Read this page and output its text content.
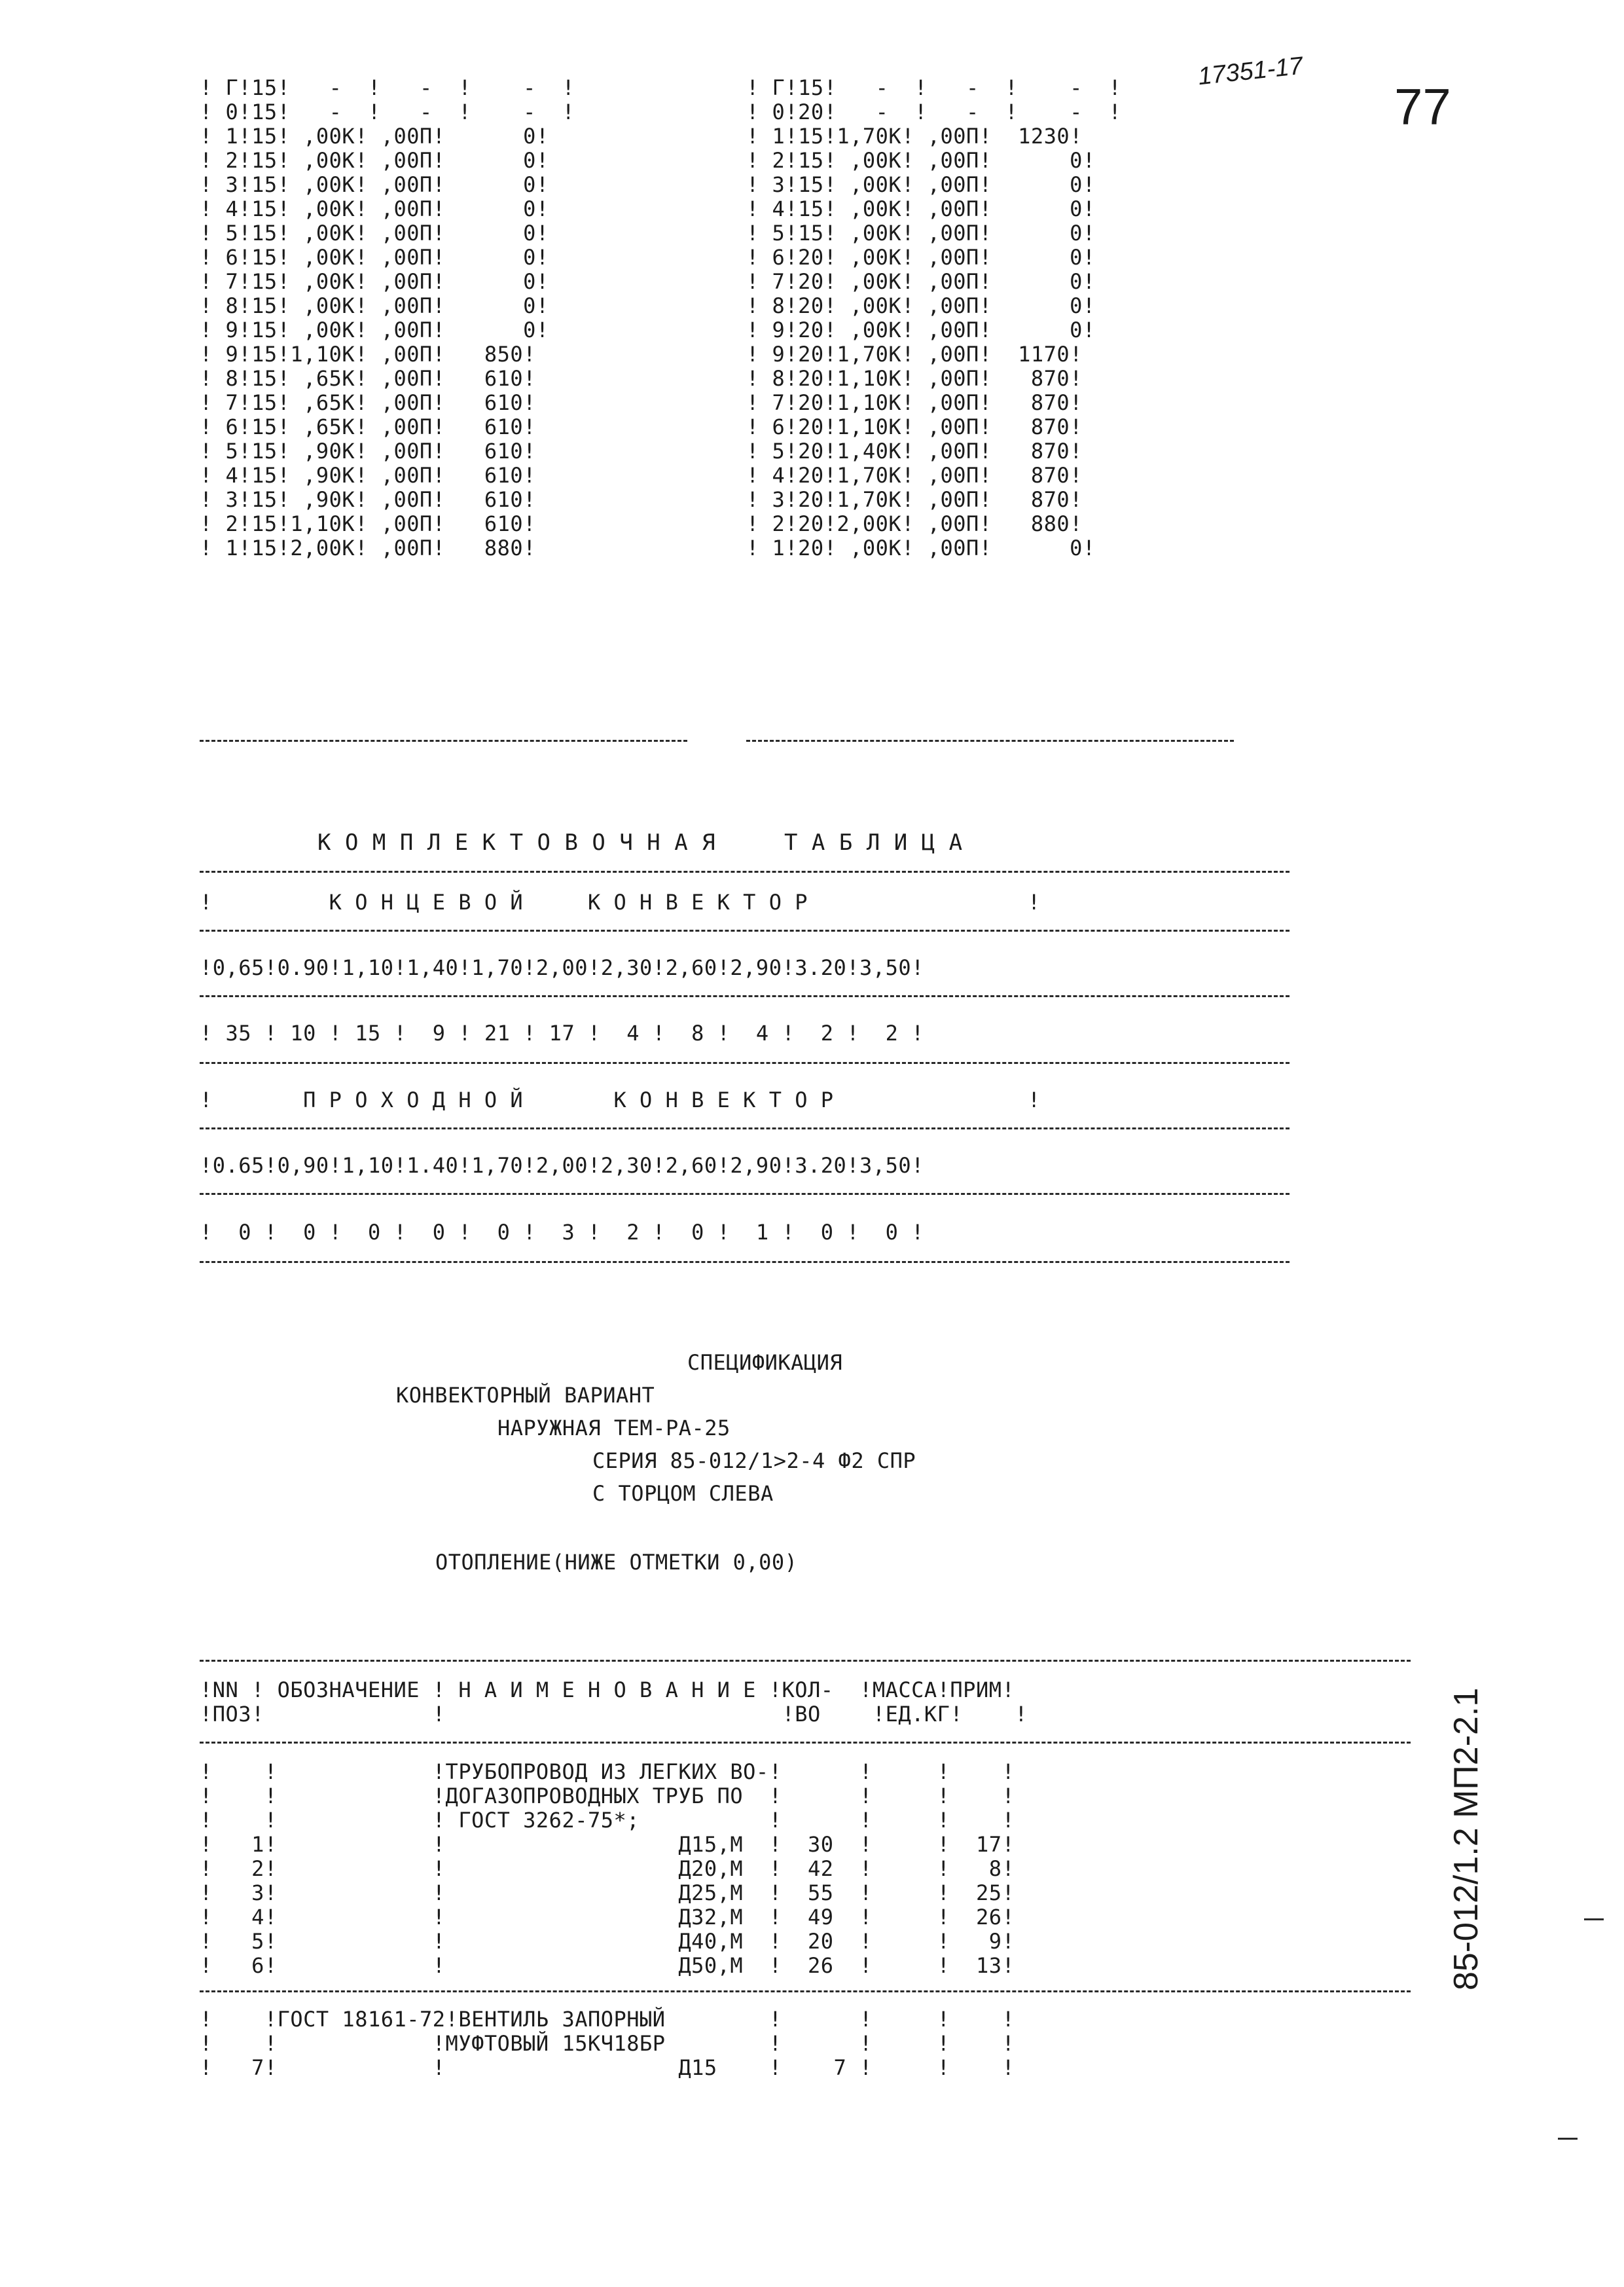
17351-17
77
! Г!15!   -  !   -  !    -  !
! 0!15!   -  !   -  !    -  !
! 1!15! ,00К! ,00П!      0!
! 2!15! ,00К! ,00П!      0!
! 3!15! ,00К! ,00П!      0!
! 4!15! ,00К! ,00П!      0!
! 5!15! ,00К! ,00П!      0!
! 6!15! ,00К! ,00П!      0!
! 7!15! ,00К! ,00П!      0!
! 8!15! ,00К! ,00П!      0!
! 9!15! ,00К! ,00П!      0!
! 9!15!1,10К! ,00П!   850!
! 8!15! ,65К! ,00П!   610!
! 7!15! ,65К! ,00П!   610!
! 6!15! ,65К! ,00П!   610!
! 5!15! ,90К! ,00П!   610!
! 4!15! ,90К! ,00П!   610!
! 3!15! ,90К! ,00П!   610!
! 2!15!1,10К! ,00П!   610!
! 1!15!2,00К! ,00П!   880!
! Г!15!   -  !   -  !    -  !
! 0!20!   -  !   -  !    -  !
! 1!15!1,70К! ,00П!  1230!
! 2!15! ,00К! ,00П!      0!
! 3!15! ,00К! ,00П!      0!
! 4!15! ,00К! ,00П!      0!
! 5!15! ,00К! ,00П!      0!
! 6!20! ,00К! ,00П!      0!
! 7!20! ,00К! ,00П!      0!
! 8!20! ,00К! ,00П!      0!
! 9!20! ,00К! ,00П!      0!
! 9!20!1,70К! ,00П!  1170!
! 8!20!1,10К! ,00П!   870!
! 7!20!1,10К! ,00П!   870!
! 6!20!1,10К! ,00П!   870!
! 5!20!1,40К! ,00П!   870!
! 4!20!1,70К! ,00П!   870!
! 3!20!1,70К! ,00П!   870!
! 2!20!2,00К! ,00П!   880!
! 1!20! ,00К! ,00П!      0!
К О М П Л Е К Т О В О Ч Н А Я     Т А Б Л И Ц А
!         К О Н Ц Е В О Й     К О Н В Е К Т О Р                 !
!0,65!0.90!1,10!1,40!1,70!2,00!2,30!2,60!2,90!3.20!3,50!
! 35 ! 10 ! 15 !  9 ! 21 ! 17 !  4 !  8 !  4 !  2 !  2 !
!       П Р О Х О Д Н О Й       К О Н В Е К Т О Р               !
!0.65!0,90!1,10!1.40!1,70!2,00!2,30!2,60!2,90!3.20!3,50!
!  0 !  0 !  0 !  0 !  0 !  3 !  2 !  0 !  1 !  0 !  0 !
СПЕЦИФИКАЦИЯ
КОНВЕКТОРНЫЙ ВАРИАНТ
НАРУЖНАЯ ТЕМ-РА-25
СЕРИЯ 85-012/1>2-4 Ф2 СПР
С ТОРЦОМ СЛЕВА
ОТОПЛЕНИЕ(НИЖЕ ОТМЕТКИ 0,00)
!NN ! ОБОЗНАЧЕНИЕ ! Н А И М Е Н О В А Н И Е !КОЛ-  !МАССА!ПРИМ!
!ПОЗ!             !                          !ВО    !ЕД.КГ!    !
!    !            !ТРУБОПРОВОД ИЗ ЛЕГКИХ ВО-!      !     !    !
!    !            !ДОГАЗОПРОВОДНЫХ ТРУБ ПО  !      !     !    !
!    !            ! ГОСТ 3262-75*;          !      !     !    !
!   1!            !                  Д15,М  !  30  !     !  17!
!   2!            !                  Д20,М  !  42  !     !   8!
!   3!            !                  Д25,М  !  55  !     !  25!
!   4!            !                  Д32,М  !  49  !     !  26!
!   5!            !                  Д40,М  !  20  !     !   9!
!   6!            !                  Д50,М  !  26  !     !  13!
!    !ГОСТ 18161-72!ВЕНТИЛЬ ЗАПОРНЫЙ        !      !     !    !
!    !            !МУФТОВЫЙ 15КЧ18БР        !      !     !    !
!   7!            !                  Д15    !    7 !     !    !
85-012/1.2 МП2-2.1
